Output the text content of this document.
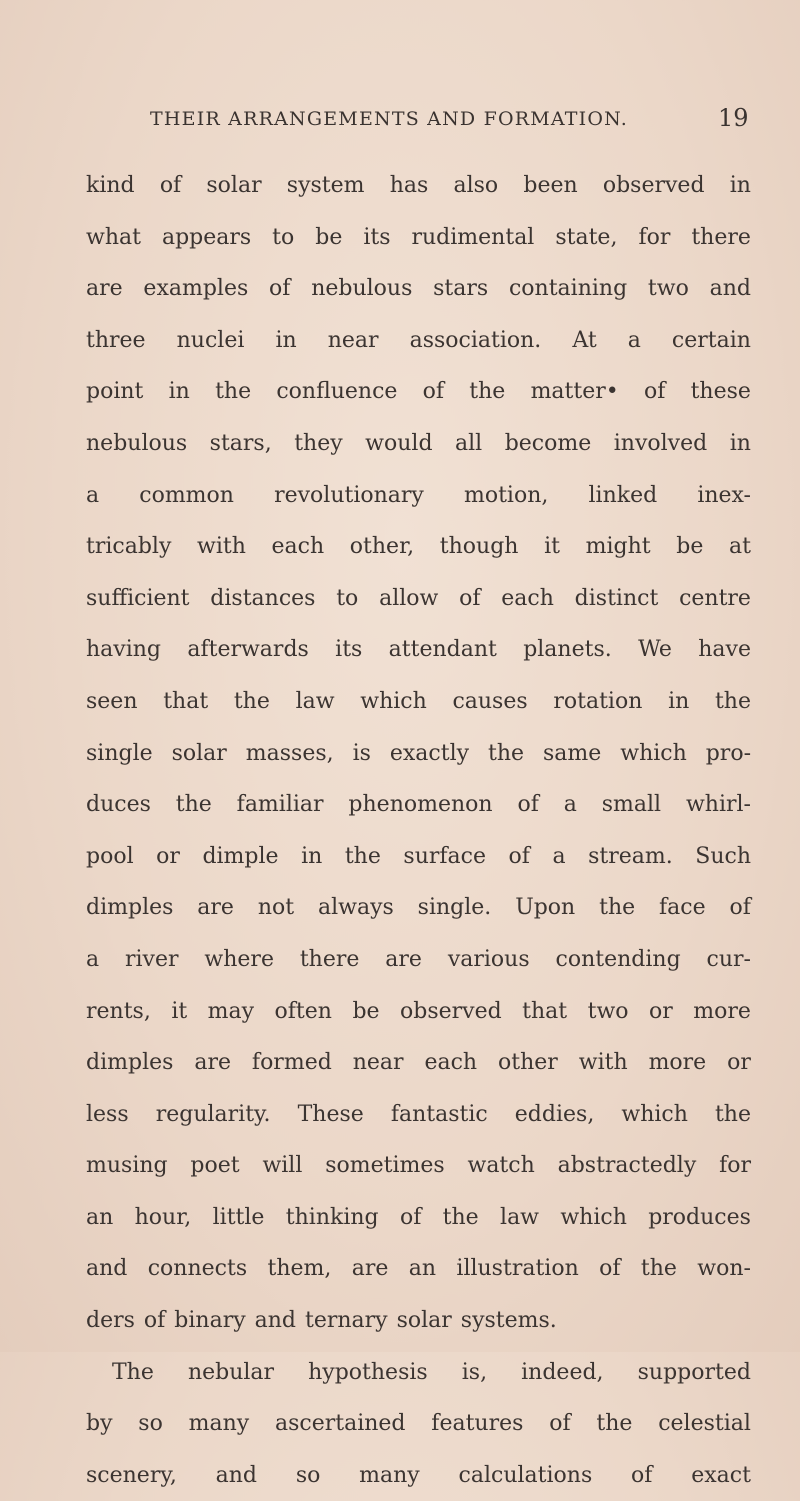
THEIR ARRANGEMENTS AND FORMATION.	19
kind of solar system has also been observed in
what appears to be its rudimental state, for there
are examples of nebulous stars containing two and
three nuclei in near association. At a certain
point in the confluence of the matter• of these
nebulous stars, they would all become involved in
a common revolutionary motion, linked inex-
tricably with each other, though it might be at
sufficient distances to allow of each distinct centre
having afterwards its attendant planets. We have
seen that the law which causes rotation in the
single solar masses, is exactly the same which pro-
duces the familiar phenomenon of a small whirl-
pool or dimple in the surface of a stream. Such
dimples are not always single. Upon the face of
a river where there are various contending cur-
rents, it may often be observed that two or more
dimples are formed near each other with more or
less regularity. These fantastic eddies, which the
musing poet will sometimes watch abstractedly for
an hour, little thinking of the law which produces
and connects them, are an illustration of the won-
ders of binary and ternary solar systems.
The nebular hypothesis is, indeed, supported
by so many ascertained features of the celestial
scenery, and so many calculations of exact
